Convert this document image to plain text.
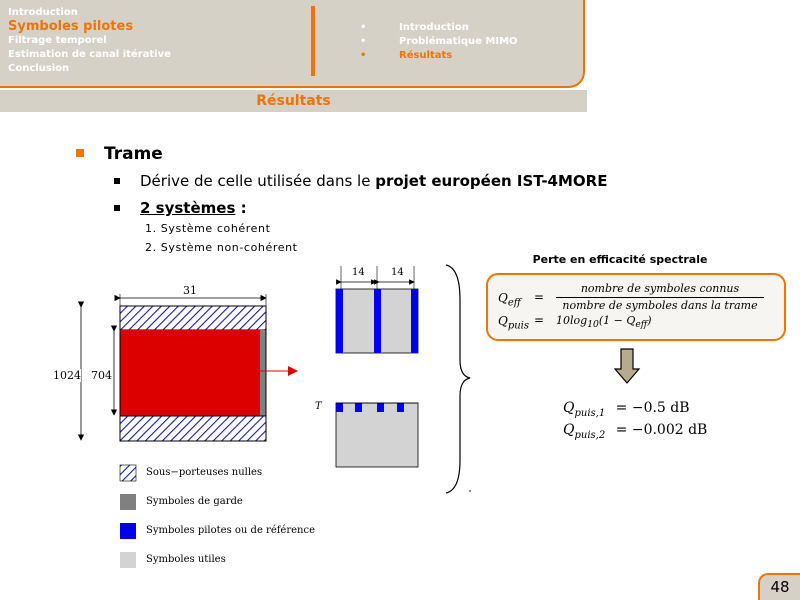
Introduction
Symboles pilotes
Filtrage temporel
Estimation de canal itérative
Conclusion
•	Introduction
•	Problématique MIMO
•	Résultats
Résultats
Trame
Dérive de celle utilisée dans le projet européen IST-4MORE
2 systèmes :
1. Système cohérent
2. Système non-cohérent
31
1024 704
14	14
T
Sous−porteuses nulles
Symboles de garde
Symboles pilotes ou de référence
Symboles utiles
Perte en efficacité spectrale
$Q_{eff}$ =
nombre de symboles connus
nombre de symboles dans la trame
$Q_{puis} = 10\log_{10}(1 - Q_{eff})$
$Q_{puis,1} = -0.5$ dB
$Q_{puis,2} = -0.002$ dB
48
